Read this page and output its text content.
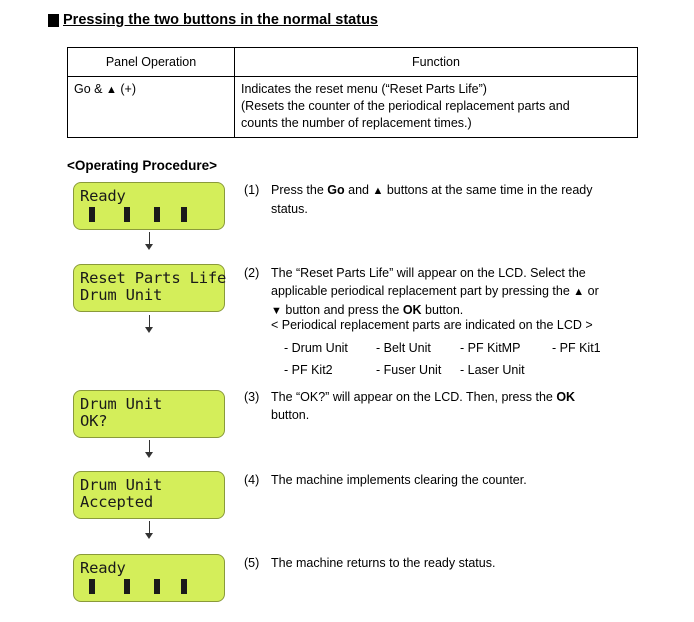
Pressing the two buttons in the normal status
Panel Operation	Function
Go & ▲ (+)	Indicates the reset menu (“Reset Parts Life”)
(Resets the counter of the periodical replacement parts and
counts the number of replacement times.)
<Operating Procedure>
Ready
Reset Parts Life
Drum Unit
Drum Unit
OK?
Drum Unit
Accepted
Ready
(1) Press the Go and ▲ buttons at the same time in the ready
status.
(2) The “Reset Parts Life” will appear on the LCD. Select the
applicable periodical replacement part by pressing the ▲ or
▼ button and press the OK button.
< Periodical replacement parts are indicated on the LCD >
- Drum Unit - Belt Unit - PF KitMP	- PF Kit1
- PF Kit2	- Fuser Unit - Laser Unit
(3) The “OK?” will appear on the LCD. Then, press the OK
button.
(4) The machine implements clearing the counter.
(5) The machine returns to the ready status.
